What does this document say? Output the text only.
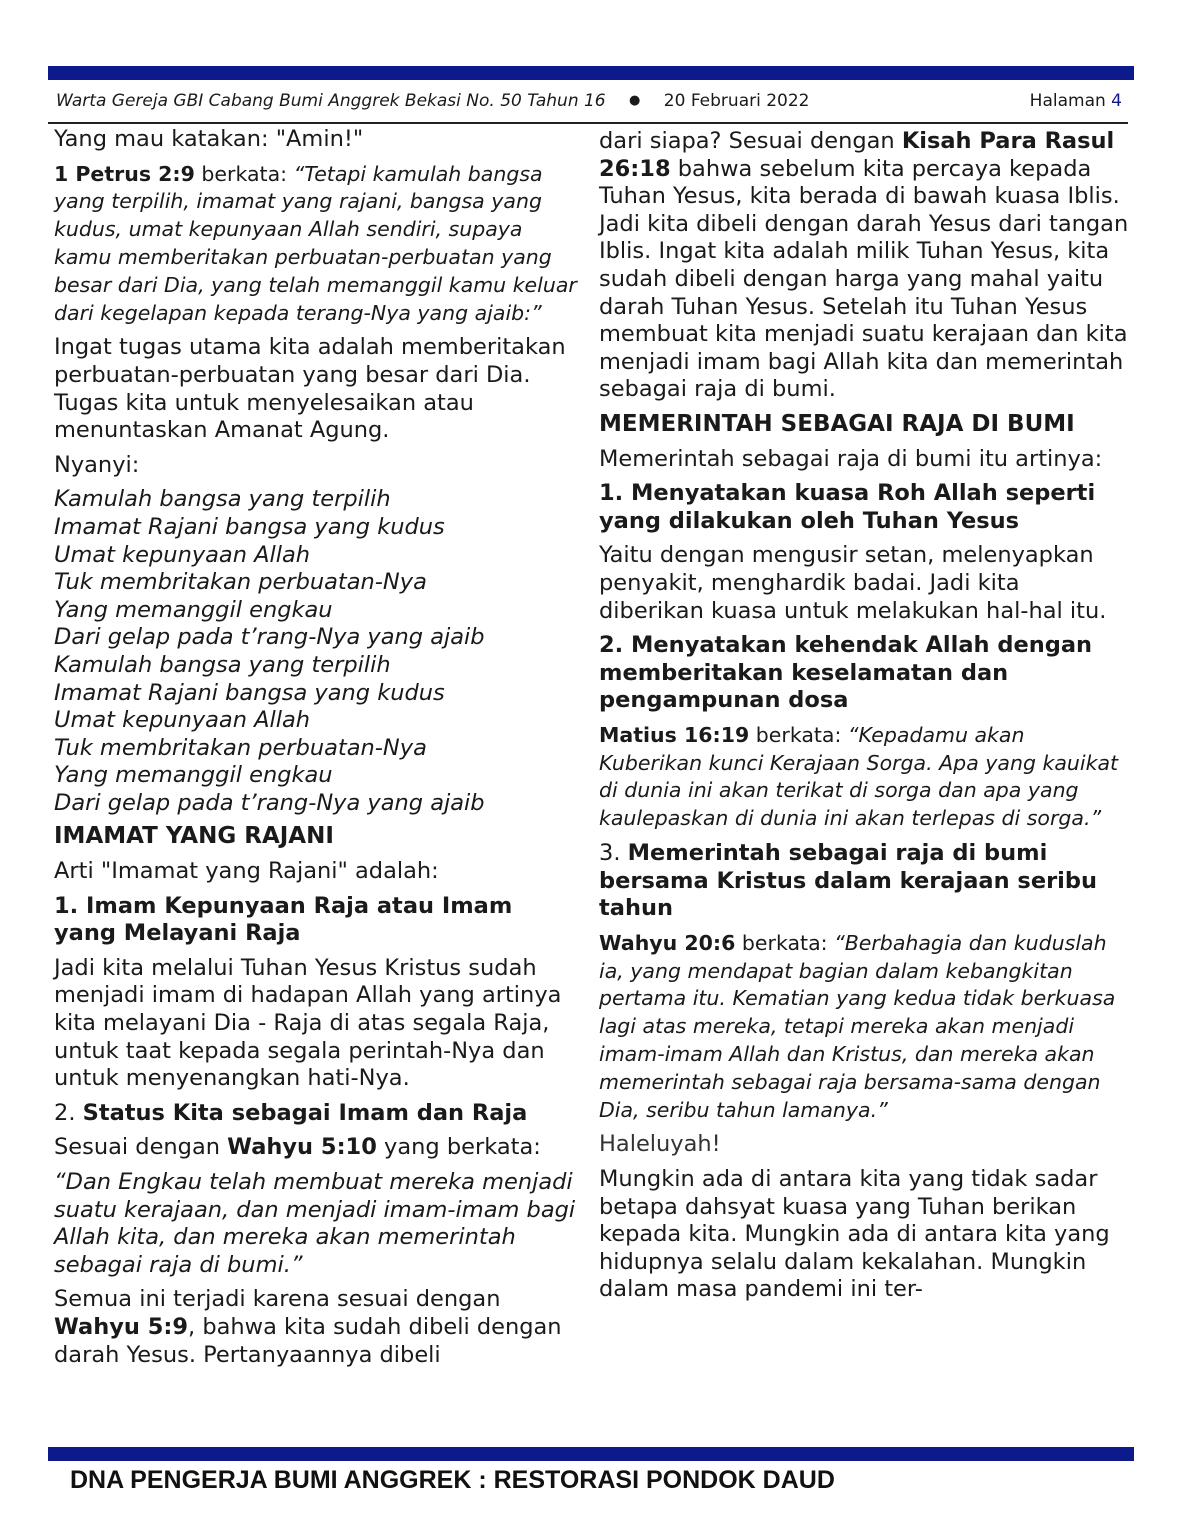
Warta Gereja GBI Cabang Bumi Anggrek Bekasi No. 50 Tahun 16 ● 20 Februari 2022	Halaman 4

Yang mau katakan: "Amin!"

1 Petrus 2:9 berkata: “Tetapi kamulah bangsa yang terpilih, imamat yang rajani, bangsa yang kudus, umat kepunyaan Allah sendiri, supaya kamu memberitakan perbuatan-perbuatan yang besar dari Dia, yang telah memanggil kamu keluar dari kegelapan kepada terang-Nya yang ajaib:”

Ingat tugas utama kita adalah memberitakan perbuatan-perbuatan yang besar dari Dia. Tugas kita untuk menyelesaikan atau menuntaskan Amanat Agung.

Nyanyi:

Kamulah bangsa yang terpilih
Imamat Rajani bangsa yang kudus
Umat kepunyaan Allah
Tuk membritakan perbuatan-Nya
Yang memanggil engkau
Dari gelap pada t’rang-Nya yang ajaib
Kamulah bangsa yang terpilih
Imamat Rajani bangsa yang kudus
Umat kepunyaan Allah
Tuk membritakan perbuatan-Nya
Yang memanggil engkau
Dari gelap pada t’rang-Nya yang ajaib

IMAMAT YANG RAJANI

Arti "Imamat yang Rajani" adalah:

1. Imam Kepunyaan Raja atau Imam yang Melayani Raja

Jadi kita melalui Tuhan Yesus Kristus sudah menjadi imam di hadapan Allah yang artinya kita melayani Dia - Raja di atas segala Raja, untuk taat kepada segala perintah-Nya dan untuk menyenangkan hati-Nya.

2. Status Kita sebagai Imam dan Raja

Sesuai dengan Wahyu 5:10 yang berkata:

“Dan Engkau telah membuat mereka menjadi suatu kerajaan, dan menjadi imam-imam bagi Allah kita, dan mereka akan memerintah sebagai raja di bumi.”

Semua ini terjadi karena sesuai dengan Wahyu 5:9, bahwa kita sudah dibeli dengan darah Yesus. Pertanyaannya dibeli

dari siapa? Sesuai dengan Kisah Para Rasul 26:18 bahwa sebelum kita percaya kepada Tuhan Yesus, kita berada di bawah kuasa Iblis. Jadi kita dibeli dengan darah Yesus dari tangan Iblis. Ingat kita adalah milik Tuhan Yesus, kita sudah dibeli dengan harga yang mahal yaitu darah Tuhan Yesus. Setelah itu Tuhan Yesus membuat kita menjadi suatu kerajaan dan kita menjadi imam bagi Allah kita dan memerintah sebagai raja di bumi.

MEMERINTAH SEBAGAI RAJA DI BUMI

Memerintah sebagai raja di bumi itu artinya:

1. Menyatakan kuasa Roh Allah seperti yang dilakukan oleh Tuhan Yesus

Yaitu dengan mengusir setan, melenyapkan penyakit, menghardik badai. Jadi kita diberikan kuasa untuk melakukan hal-hal itu.

2. Menyatakan kehendak Allah dengan memberitakan keselamatan dan pengampunan dosa

Matius 16:19 berkata: “Kepadamu akan Kuberikan kunci Kerajaan Sorga. Apa yang kauikat di dunia ini akan terikat di sorga dan apa yang kaulepaskan di dunia ini akan terlepas di sorga.”

3. Memerintah sebagai raja di bumi bersama Kristus dalam kerajaan seribu tahun

Wahyu 20:6 berkata: “Berbahagia dan kuduslah ia, yang mendapat bagian dalam kebangkitan pertama itu. Kematian yang kedua tidak berkuasa lagi atas mereka, tetapi mereka akan menjadi imam-imam Allah dan Kristus, dan mereka akan memerintah sebagai raja bersama-sama dengan Dia, seribu tahun lamanya.”

Haleluyah!

Mungkin ada di antara kita yang tidak sadar betapa dahsyat kuasa yang Tuhan berikan kepada kita. Mungkin ada di antara kita yang hidupnya selalu dalam kekalahan. Mungkin dalam masa pandemi ini ter-

DNA PENGERJA BUMI ANGGREK : RESTORASI PONDOK DAUD
